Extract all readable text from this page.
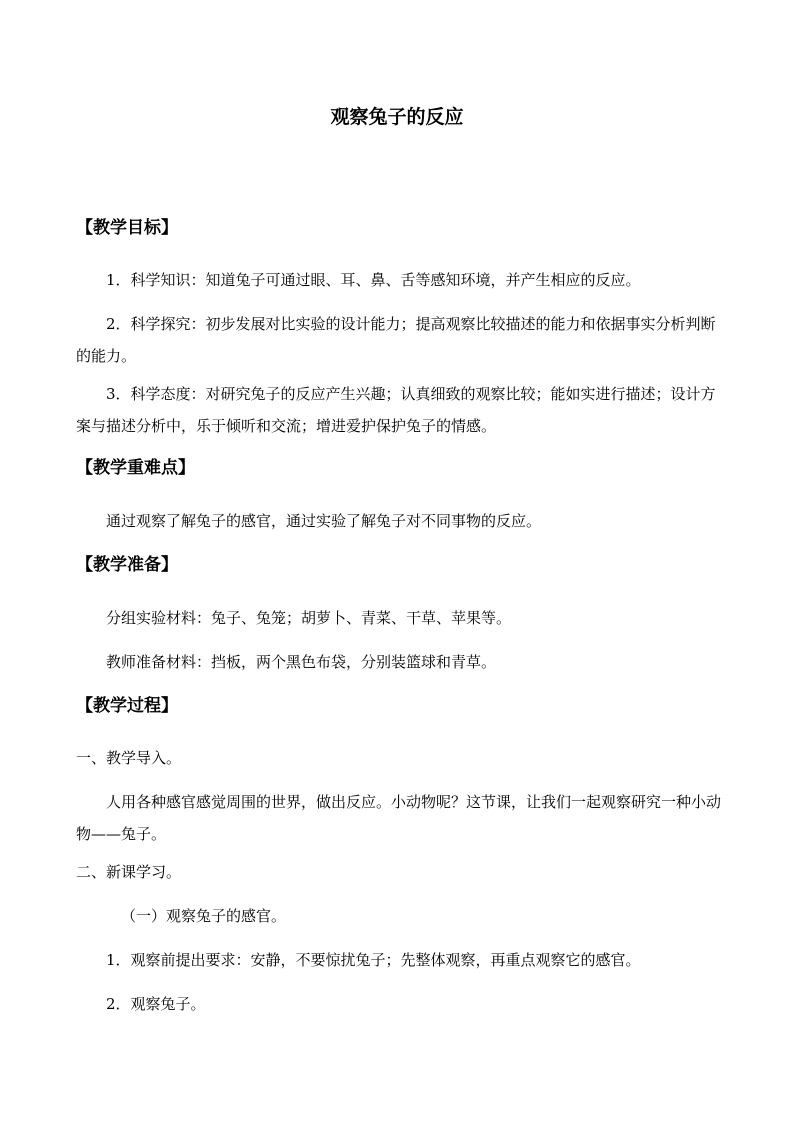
观察兔子的反应
【教学目标】

1．科学知识：知道兔子可通过眼、耳、鼻、舌等感知环境，并产生相应的反应。

2．科学探究：初步发展对比实验的设计能力；提高观察比较描述的能力和依据事实分析判断的能力。

3．科学态度：对研究兔子的反应产生兴趣；认真细致的观察比较；能如实进行描述；设计方案与描述分析中，乐于倾听和交流；增进爱护保护兔子的情感。

【教学重难点】

通过观察了解兔子的感官，通过实验了解兔子对不同事物的反应。

【教学准备】

分组实验材料：兔子、兔笼；胡萝卜、青菜、干草、苹果等。

教师准备材料：挡板，两个黑色布袋，分别装篮球和青草。

【教学过程】

一、教学导入。

人用各种感官感觉周围的世界，做出反应。小动物呢？这节课，让我们一起观察研究一种小动物——兔子。

二、新课学习。

（一）观察兔子的感官。

1．观察前提出要求：安静，不要惊扰兔子；先整体观察，再重点观察它的感官。

2．观察兔子。
